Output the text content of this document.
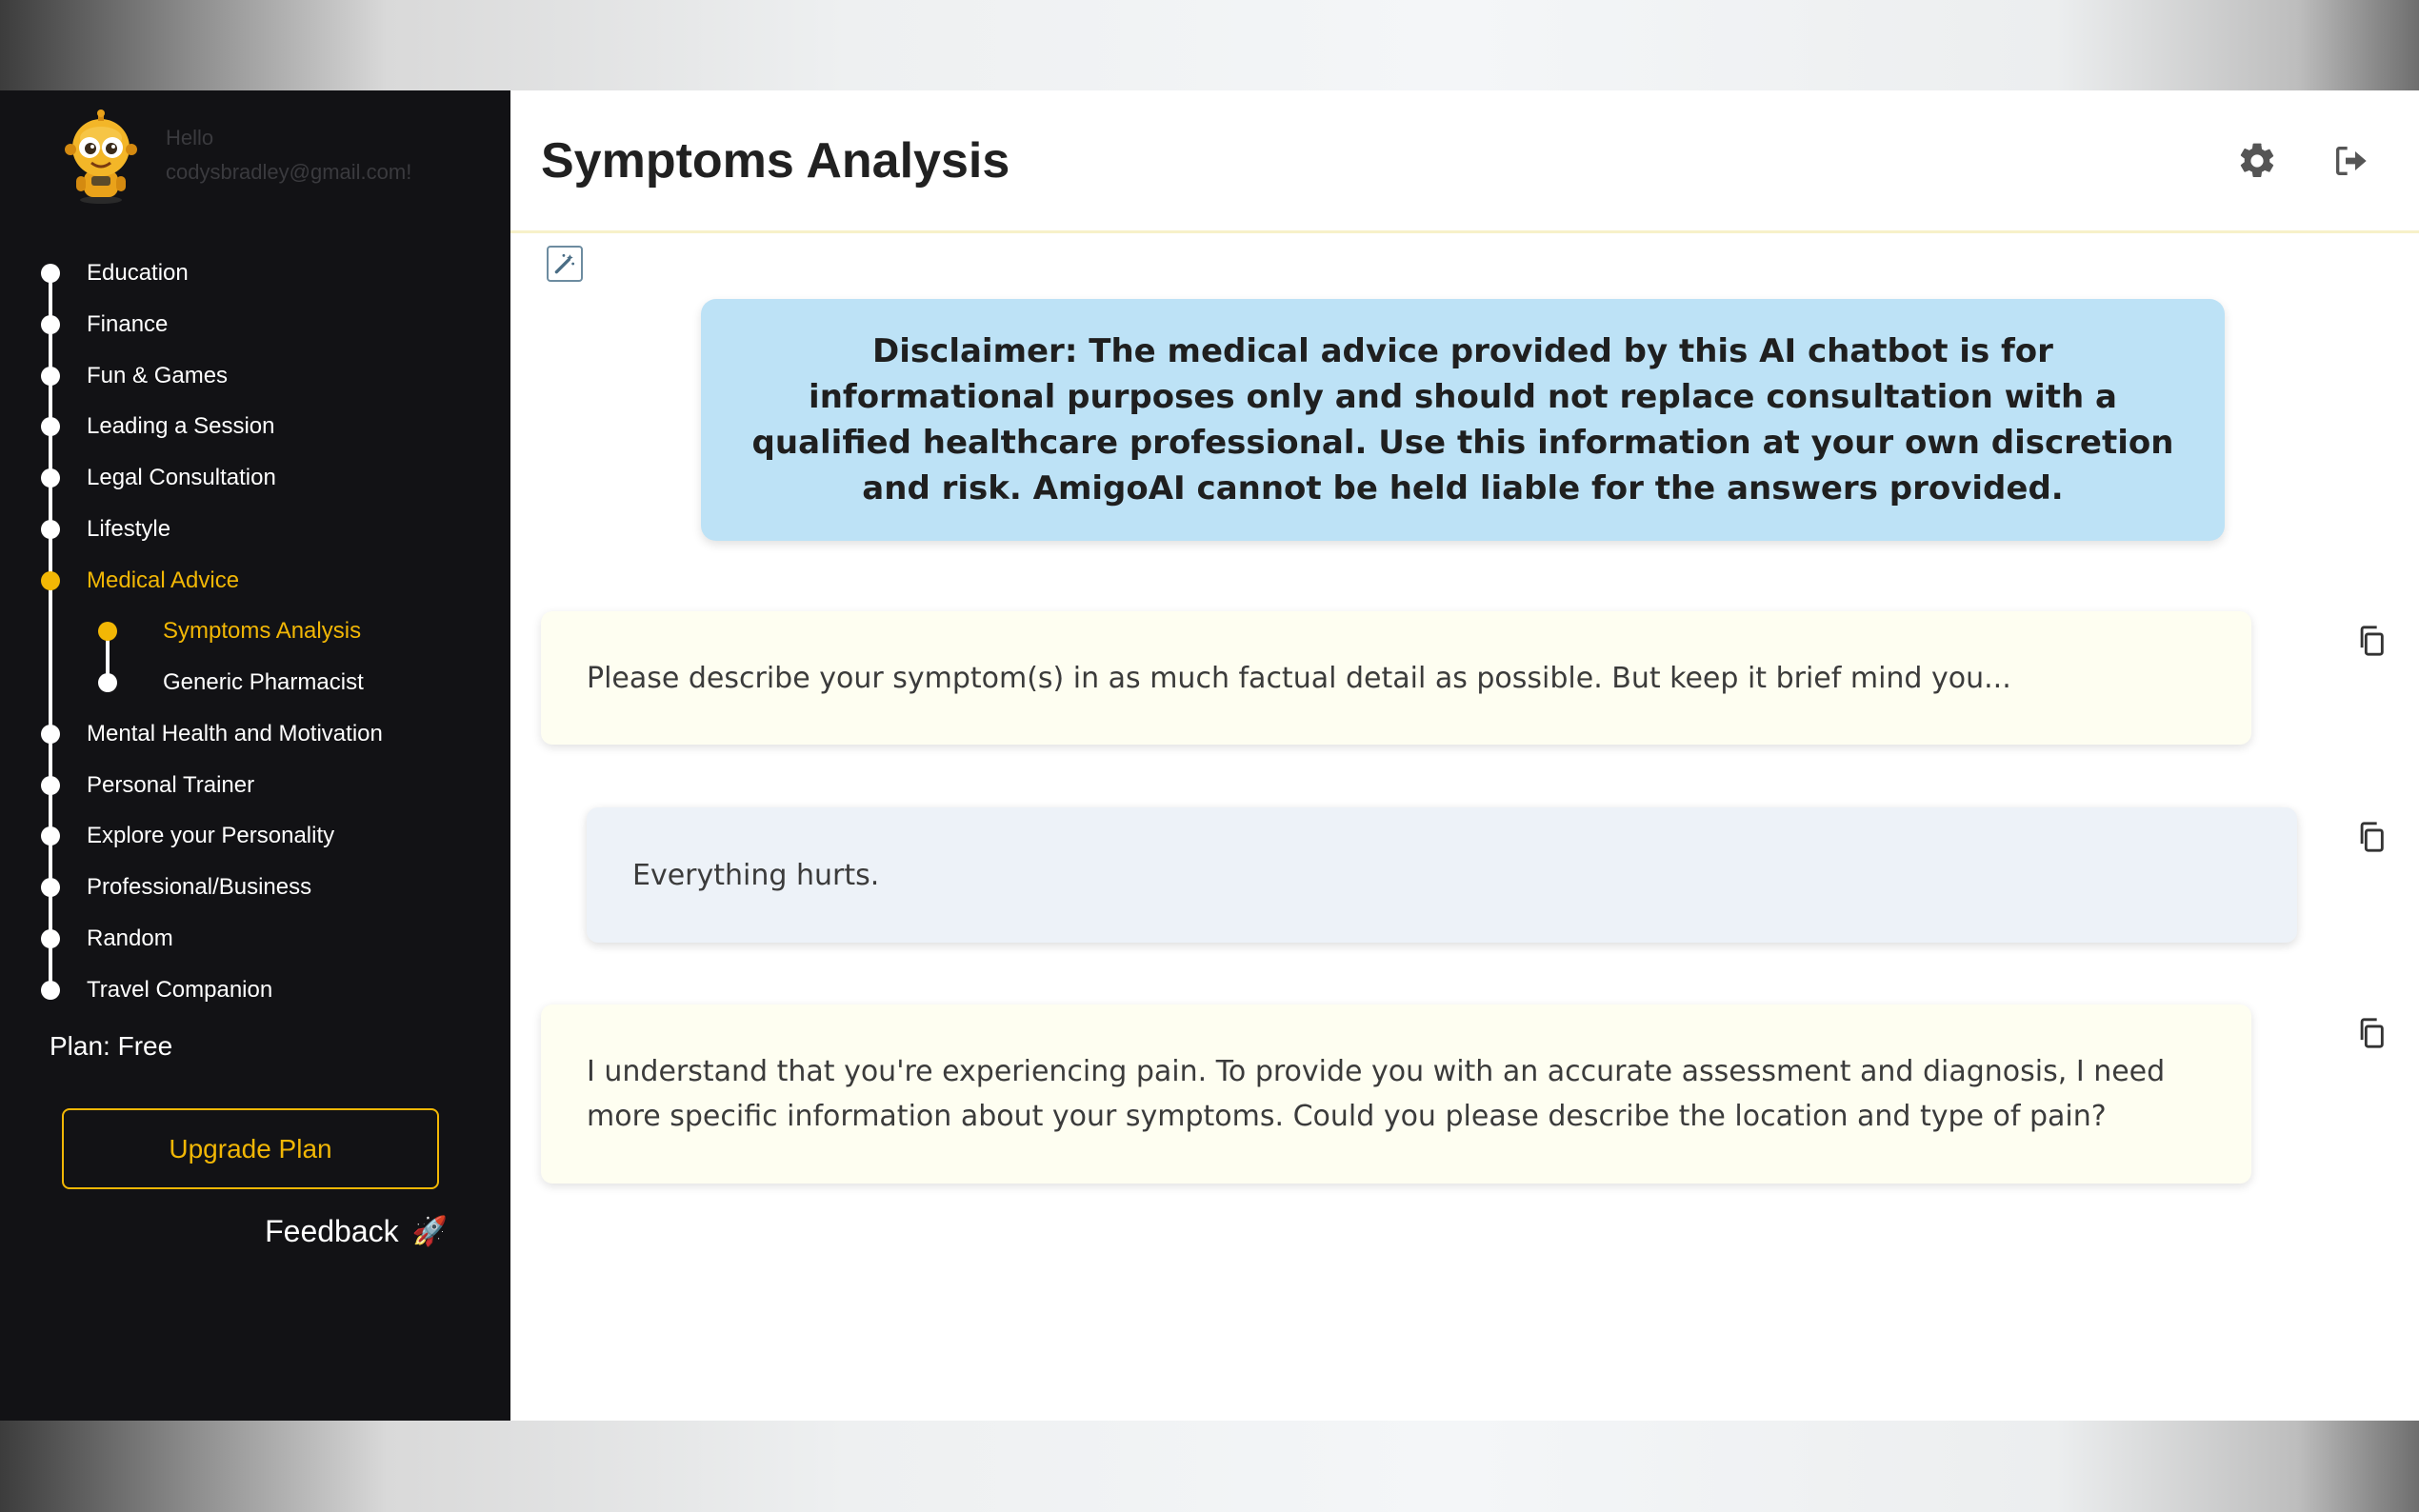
Hello
codysbradley@gmail.com!
Education
Finance
Fun & Games
Leading a Session
Legal Consultation
Lifestyle
Medical Advice
Symptoms Analysis
Generic Pharmacist
Mental Health and Motivation
Personal Trainer
Explore your Personality
Professional/Business
Random
Travel Companion
Plan: Free
Upgrade Plan
Feedback 🚀
Symptoms Analysis
Disclaimer: The medical advice provided by this AI chatbot is for informational purposes only and should not replace consultation with a qualified healthcare professional. Use this information at your own discretion and risk. AmigoAI cannot be held liable for the answers provided.
Please describe your symptom(s) in as much factual detail as possible. But keep it brief mind you...
Everything hurts.
I understand that you're experiencing pain. To provide you with an accurate assessment and diagnosis, I need more specific information about your symptoms. Could you please describe the location and type of pain?
